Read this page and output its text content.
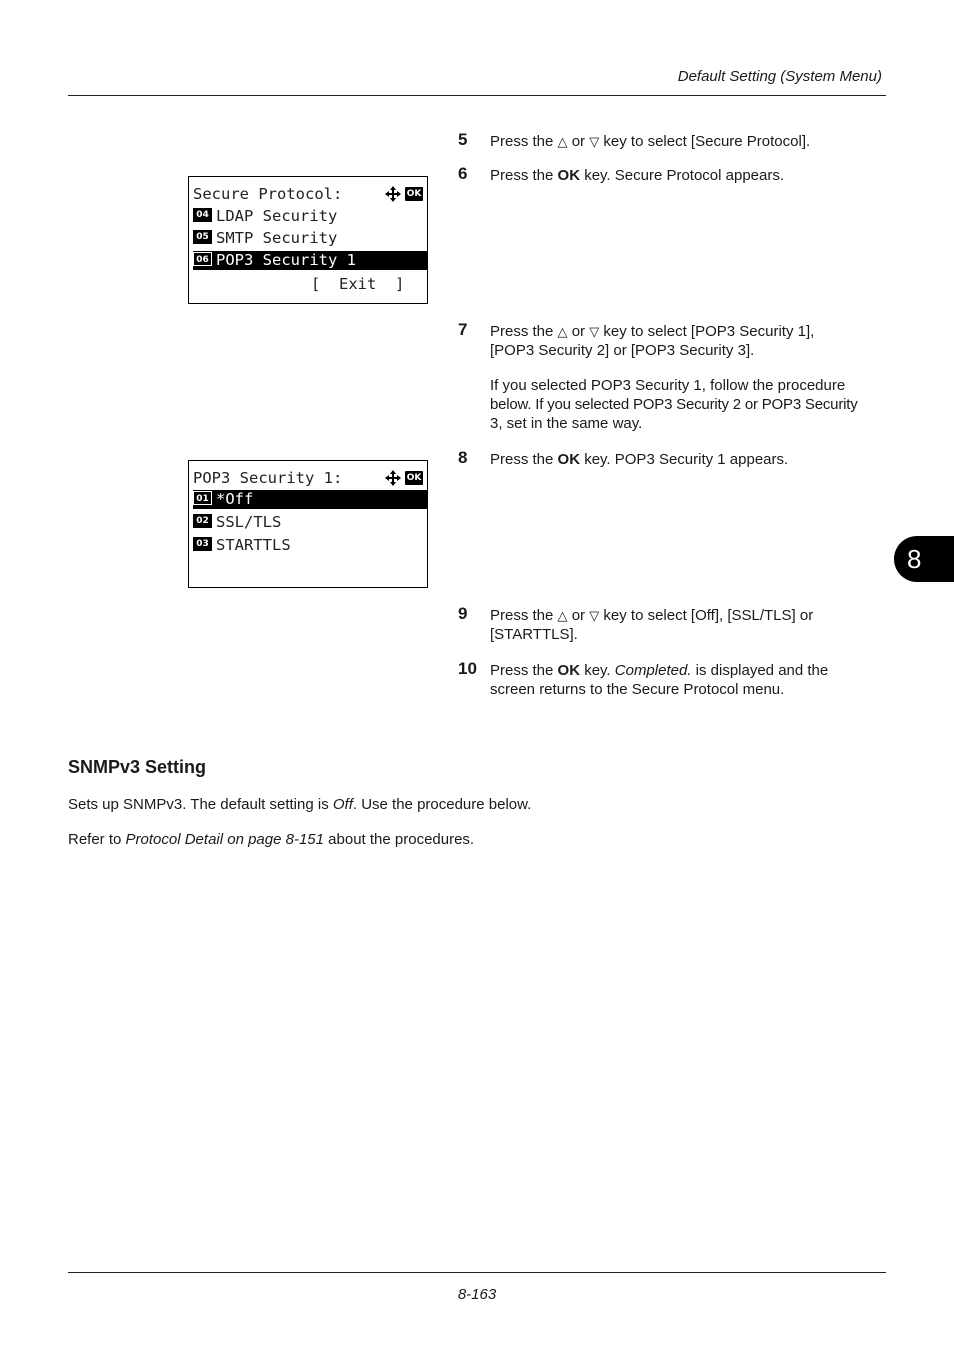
Default Setting (System Menu)
Secure Protocol:	OK
04 LDAP Security
05 SMTP Security
06 POP3 Security 1
[  Exit  ]
POP3 Security 1:	OK
01 *Off
02 SSL/TLS
03 STARTTLS
5 Press the △ or ▽ key to select [Secure Protocol].
6 Press the OK key. Secure Protocol appears.
7 Press the △ or ▽ key to select [POP3 Security 1],
[POP3 Security 2] or [POP3 Security 3].
If you selected POP3 Security 1, follow the procedure
below. If you selected POP3 Security 2 or POP3 Security
3, set in the same way.
8 Press the OK key. POP3 Security 1 appears.
9 Press the △ or ▽ key to select [Off], [SSL/TLS] or
[STARTTLS].
10 Press the OK key. Completed. is displayed and the
screen returns to the Secure Protocol menu.
8
SNMPv3 Setting
Sets up SNMPv3. The default setting is Off. Use the procedure below.
Refer to Protocol Detail on page 8-151 about the procedures.
8-163
